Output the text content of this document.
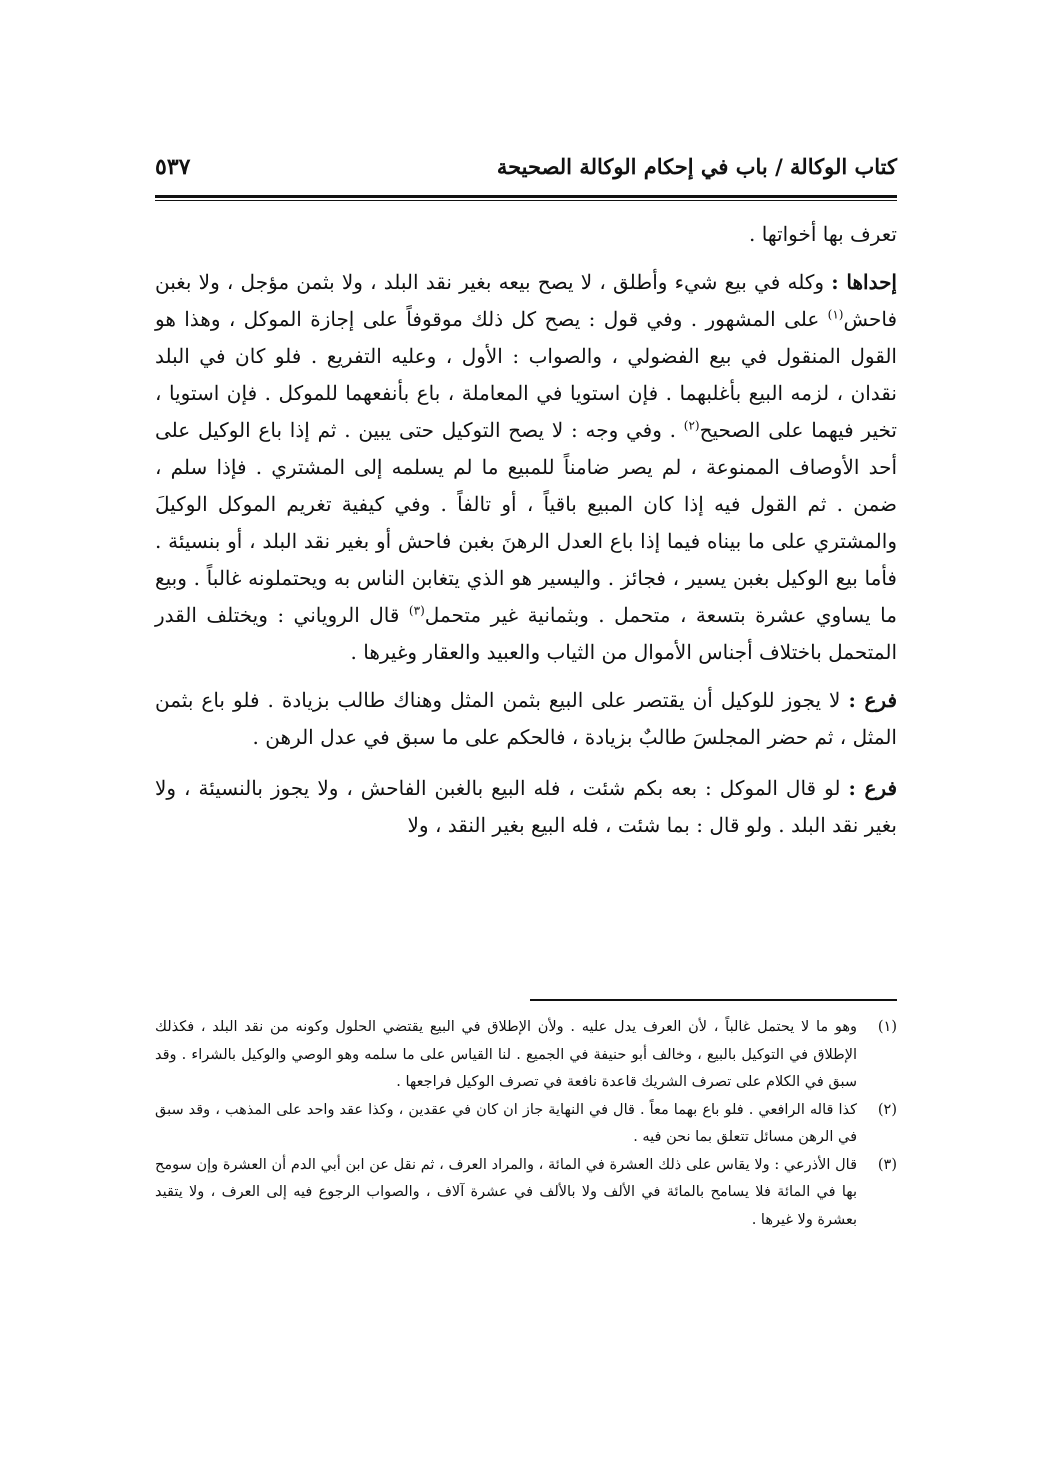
كتاب الوكالة / باب في إحكام الوكالة الصحيحة
٥٣٧

تعرف بها أخواتها .

إحداها : وكله في بيع شيء وأطلق ، لا يصح بيعه بغير نقد البلد ، ولا بثمن مؤجل ، ولا بغبن فاحش$^{(١)}$ على المشهور . وفي قول : يصح كل ذلك موقوفاً على إجازة الموكل ، وهذا هو القول المنقول في بيع الفضولي ، والصواب : الأول ، وعليه التفريع . فلو كان في البلد نقدان ، لزمه البيع بأغلبهما . فإن استويا في المعاملة ، باع بأنفعهما للموكل . فإن استويا ، تخير فيهما على الصحيح$^{(٢)}$ . وفي وجه : لا يصح التوكيل حتى يبين . ثم إذا باع الوكيل على أحد الأوصاف الممنوعة ، لم يصر ضامناً للمبيع ما لم يسلمه إلى المشتري . فإذا سلم ، ضمن . ثم القول فيه إذا كان المبيع باقياً ، أو تالفاً . وفي كيفية تغريم الموكل الوكيلَ والمشتري على ما بيناه فيما إذا باع العدل الرهنَ بغبن فاحش أو بغير نقد البلد ، أو بنسيئة . فأما بيع الوكيل بغبن يسير ، فجائز . واليسير هو الذي يتغابن الناس به ويحتملونه غالباً . وبيع ما يساوي عشرة بتسعة ، متحمل . وبثمانية غير متحمل$^{(٣)}$ قال الروياني : ويختلف القدر المتحمل باختلاف أجناس الأموال من الثياب والعبيد والعقار وغيرها .

فرع : لا يجوز للوكيل أن يقتصر على البيع بثمن المثل وهناك طالب بزيادة . فلو باع بثمن المثل ، ثم حضر المجلسَ طالبٌ بزيادة ، فالحكم على ما سبق في عدل الرهن .

فرع : لو قال الموكل : بعه بكم شئت ، فله البيع بالغبن الفاحش ، ولا يجوز بالنسيئة ، ولا بغير نقد البلد . ولو قال : بما شئت ، فله البيع بغير النقد ، ولا

(١)
وهو ما لا يحتمل غالباً ، لأن العرف يدل عليه . ولأن الإطلاق في البيع يقتضي الحلول وكونه من نقد البلد ، فكذلك الإطلاق في التوكيل بالبيع ، وخالف أبو حنيفة في الجميع . لنا القياس على ما سلمه وهو الوصي والوكيل بالشراء . وقد سبق في الكلام على تصرف الشريك قاعدة نافعة في تصرف الوكيل فراجعها .

(٢)
كذا قاله الرافعي . فلو باع بهما معاً . قال في النهاية جاز ان كان في عقدين ، وكذا عقد واحد على المذهب ، وقد سبق في الرهن مسائل تتعلق بما نحن فيه .

(٣)
قال الأذرعي : ولا يقاس على ذلك العشرة في المائة ، والمراد العرف ، ثم نقل عن ابن أبي الدم أن العشرة وإن سومح بها في المائة فلا يسامح بالمائة في الألف ولا بالألف في عشرة آلاف ، والصواب الرجوع فيه إلى العرف ، ولا يتقيد بعشرة ولا غيرها .
